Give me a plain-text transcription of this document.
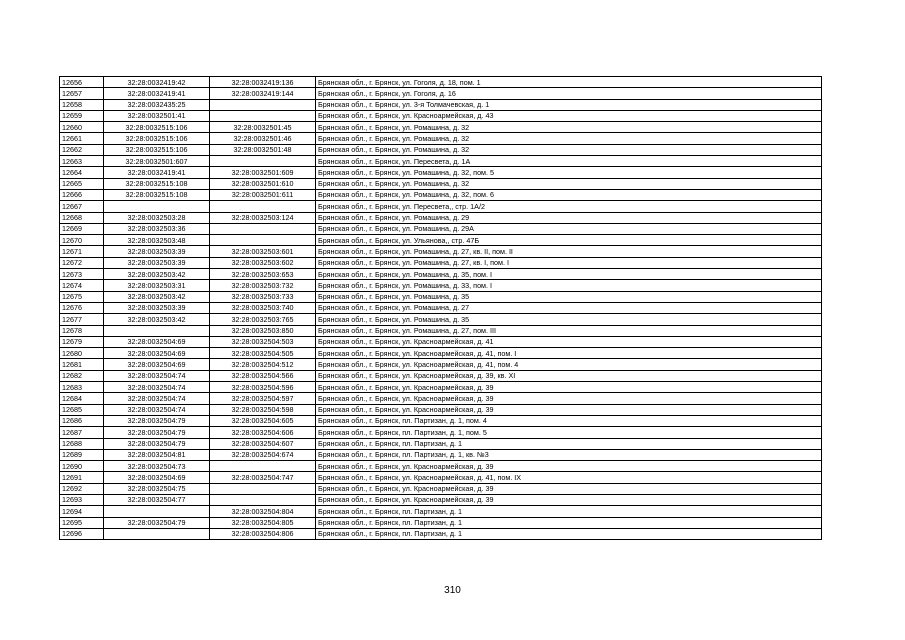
12656	32:28:0032419:42	32:28:0032419:136	Брянская обл., г. Брянск, ул. Гоголя, д. 18, пом. 1
12657	32:28:0032419:41	32:28:0032419:144	Брянская обл., г. Брянск, ул. Гоголя, д. 16
12658	32:28:0032435:25		Брянская обл., г. Брянск, ул. 3-я Толмачевская, д. 1
12659	32:28:0032501:41		Брянская обл., г. Брянск, ул. Красноармейская, д. 43
12660	32:28:0032515:106	32:28:0032501:45	Брянская обл., г. Брянск, ул. Ромашина, д. 32
12661	32:28:0032515:106	32:28:0032501:46	Брянская обл., г. Брянск, ул. Ромашина, д. 32
12662	32:28:0032515:106	32:28:0032501:48	Брянская обл., г. Брянск, ул. Ромашина, д. 32
12663	32:28:0032501:607		Брянская обл., г. Брянск, ул. Пересвета, д. 1А
12664	32:28:0032419:41	32:28:0032501:609	Брянская обл., г. Брянск, ул. Ромашина, д. 32, пом. 5
12665	32:28:0032515:108	32:28:0032501:610	Брянская обл., г. Брянск, ул. Ромашина, д. 32
12666	32:28:0032515:108	32:28:0032501:611	Брянская обл., г. Брянск, ул. Ромашина, д. 32, пом. 6
12667			Брянская обл., г. Брянск, ул. Пересвета,, стр. 1А/2
12668	32:28:0032503:28	32:28:0032503:124	Брянская обл., г. Брянск, ул. Ромашина, д. 29
12669	32:28:0032503:36		Брянская обл., г. Брянск, ул. Ромашина, д. 29А
12670	32:28:0032503:48		Брянская обл., г. Брянск, ул. Ульянова,, стр. 47Б
12671	32:28:0032503:39	32:28:0032503:601	Брянская обл., г. Брянск, ул. Ромашина, д. 27, кв. II, пом. II
12672	32:28:0032503:39	32:28:0032503:602	Брянская обл., г. Брянск, ул. Ромашина, д. 27, кв. I, пом. I
12673	32:28:0032503:42	32:28:0032503:653	Брянская обл., г. Брянск, ул. Ромашина, д. 35, пом. I
12674	32:28:0032503:31	32:28:0032503:732	Брянская обл., г. Брянск, ул. Ромашина, д. 33, пом. I
12675	32:28:0032503:42	32:28:0032503:733	Брянская обл., г. Брянск, ул. Ромашина, д. 35
12676	32:28:0032503:39	32:28:0032503:740	Брянская обл., г. Брянск, ул. Ромашина, д. 27
12677	32:28:0032503:42	32:28:0032503:765	Брянская обл., г. Брянск, ул. Ромашина, д. 35
12678		32:28:0032503:850	Брянская обл., г. Брянск, ул. Ромашина, д. 27, пом. III
12679	32:28:0032504:69	32:28:0032504:503	Брянская обл., г. Брянск, ул. Красноармейская, д. 41
12680	32:28:0032504:69	32:28:0032504:505	Брянская обл., г. Брянск, ул. Красноармейская, д. 41, пом. I
12681	32:28:0032504:69	32:28:0032504:512	Брянская обл., г. Брянск, ул. Красноармейская, д. 41, пом. 4
12682	32:28:0032504:74	32:28:0032504:566	Брянская обл., г. Брянск, ул. Красноармейская, д. 39, кв. XI
12683	32:28:0032504:74	32:28:0032504:596	Брянская обл., г. Брянск, ул. Красноармейская, д. 39
12684	32:28:0032504:74	32:28:0032504:597	Брянская обл., г. Брянск, ул. Красноармейская, д. 39
12685	32:28:0032504:74	32:28:0032504:598	Брянская обл., г. Брянск, ул. Красноармейская, д. 39
12686	32:28:0032504:79	32:28:0032504:605	Брянская обл., г. Брянск, пл. Партизан, д. 1, пом. 4
12687	32:28:0032504:79	32:28:0032504:606	Брянская обл., г. Брянск, пл. Партизан, д. 1, пом. 5
12688	32:28:0032504:79	32:28:0032504:607	Брянская обл., г. Брянск, пл. Партизан, д. 1
12689	32:28:0032504:81	32:28:0032504:674	Брянская обл., г. Брянск, пл. Партизан, д. 1, кв. №3
12690	32:28:0032504:73		Брянская обл., г. Брянск, ул. Красноармейская, д. 39
12691	32:28:0032504:69	32:28:0032504:747	Брянская обл., г. Брянск, ул. Красноармейская, д. 41, пом. IX
12692	32:28:0032504:75		Брянская обл., г. Брянск, ул. Красноармейская, д. 39
12693	32:28:0032504:77		Брянская обл., г. Брянск, ул. Красноармейская, д. 39
12694		32:28:0032504:804	Брянская обл., г. Брянск, пл. Партизан, д. 1
12695	32:28:0032504:79	32:28:0032504:805	Брянская обл., г. Брянск, пл. Партизан, д. 1
12696		32:28:0032504:806	Брянская обл., г. Брянск, пл. Партизан, д. 1
310
